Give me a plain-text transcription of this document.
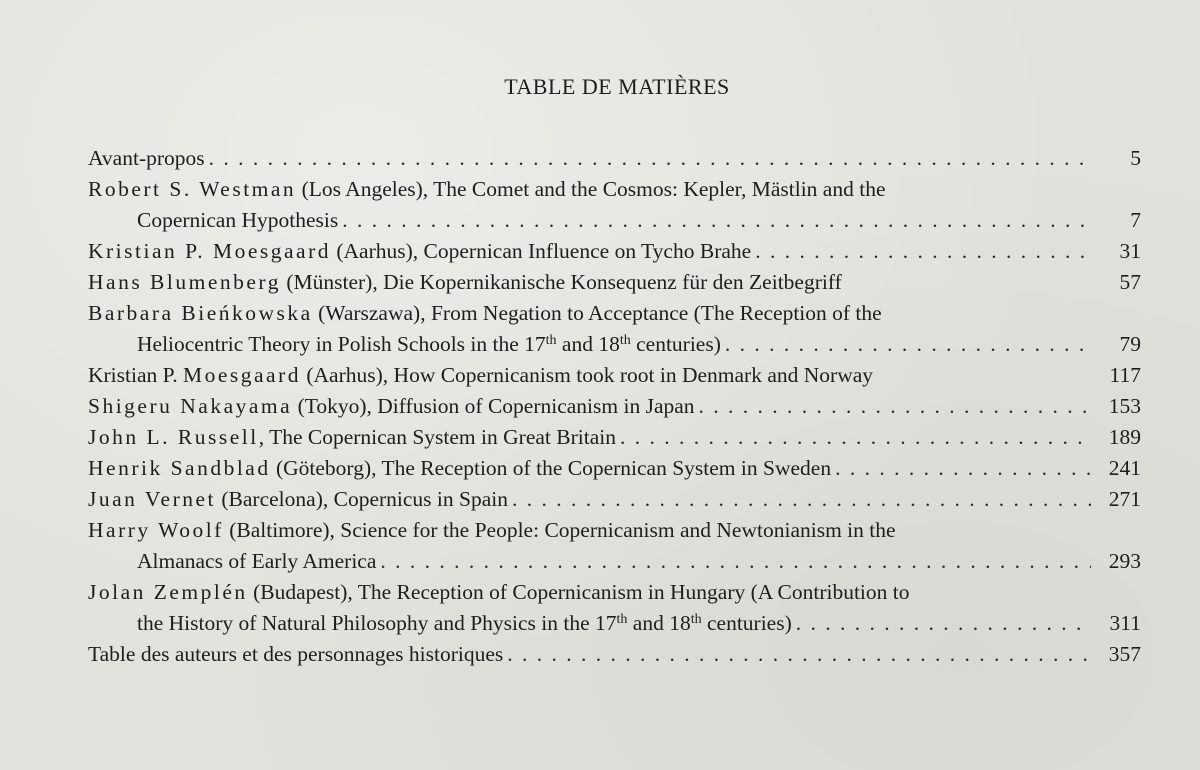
TABLE DE MATIÈRES
Avant-propos . . .	5
Robert S. Westman (Los Angeles), The Comet and the Cosmos: Kepler, Mästlin and the
Copernican Hypothesis . . .	7
Kristian P. Moesgaard (Aarhus), Copernican Influence on Tycho Brahe . . .	31
Hans Blumenberg (Münster), Die Kopernikanische Konsequenz für den Zeitbegriff	57
Barbara Bieńkowska (Warszawa), From Negation to Acceptance (The Reception of the
Heliocentric Theory in Polish Schools in the 17th and 18th centuries) . . .	79
Kristian P. Moesgaard (Aarhus), How Copernicanism took root in Denmark and Norway	117
Shigeru Nakayama (Tokyo), Diffusion of Copernicanism in Japan . . .	153
John L. Russell, The Copernican System in Great Britain . . .	189
Henrik Sandblad (Göteborg), The Reception of the Copernican System in Sweden . . .	241
Juan Vernet (Barcelona), Copernicus in Spain . . .	271
Harry Woolf (Baltimore), Science for the People: Copernicanism and Newtonianism in the
Almanacs of Early America . . .	293
Jolan Zemplén (Budapest), The Reception of Copernicanism in Hungary (A Contribution to
the History of Natural Philosophy and Physics in the 17th and 18th centuries) . . .	311
Table des auteurs et des personnages historiques . . .	357
